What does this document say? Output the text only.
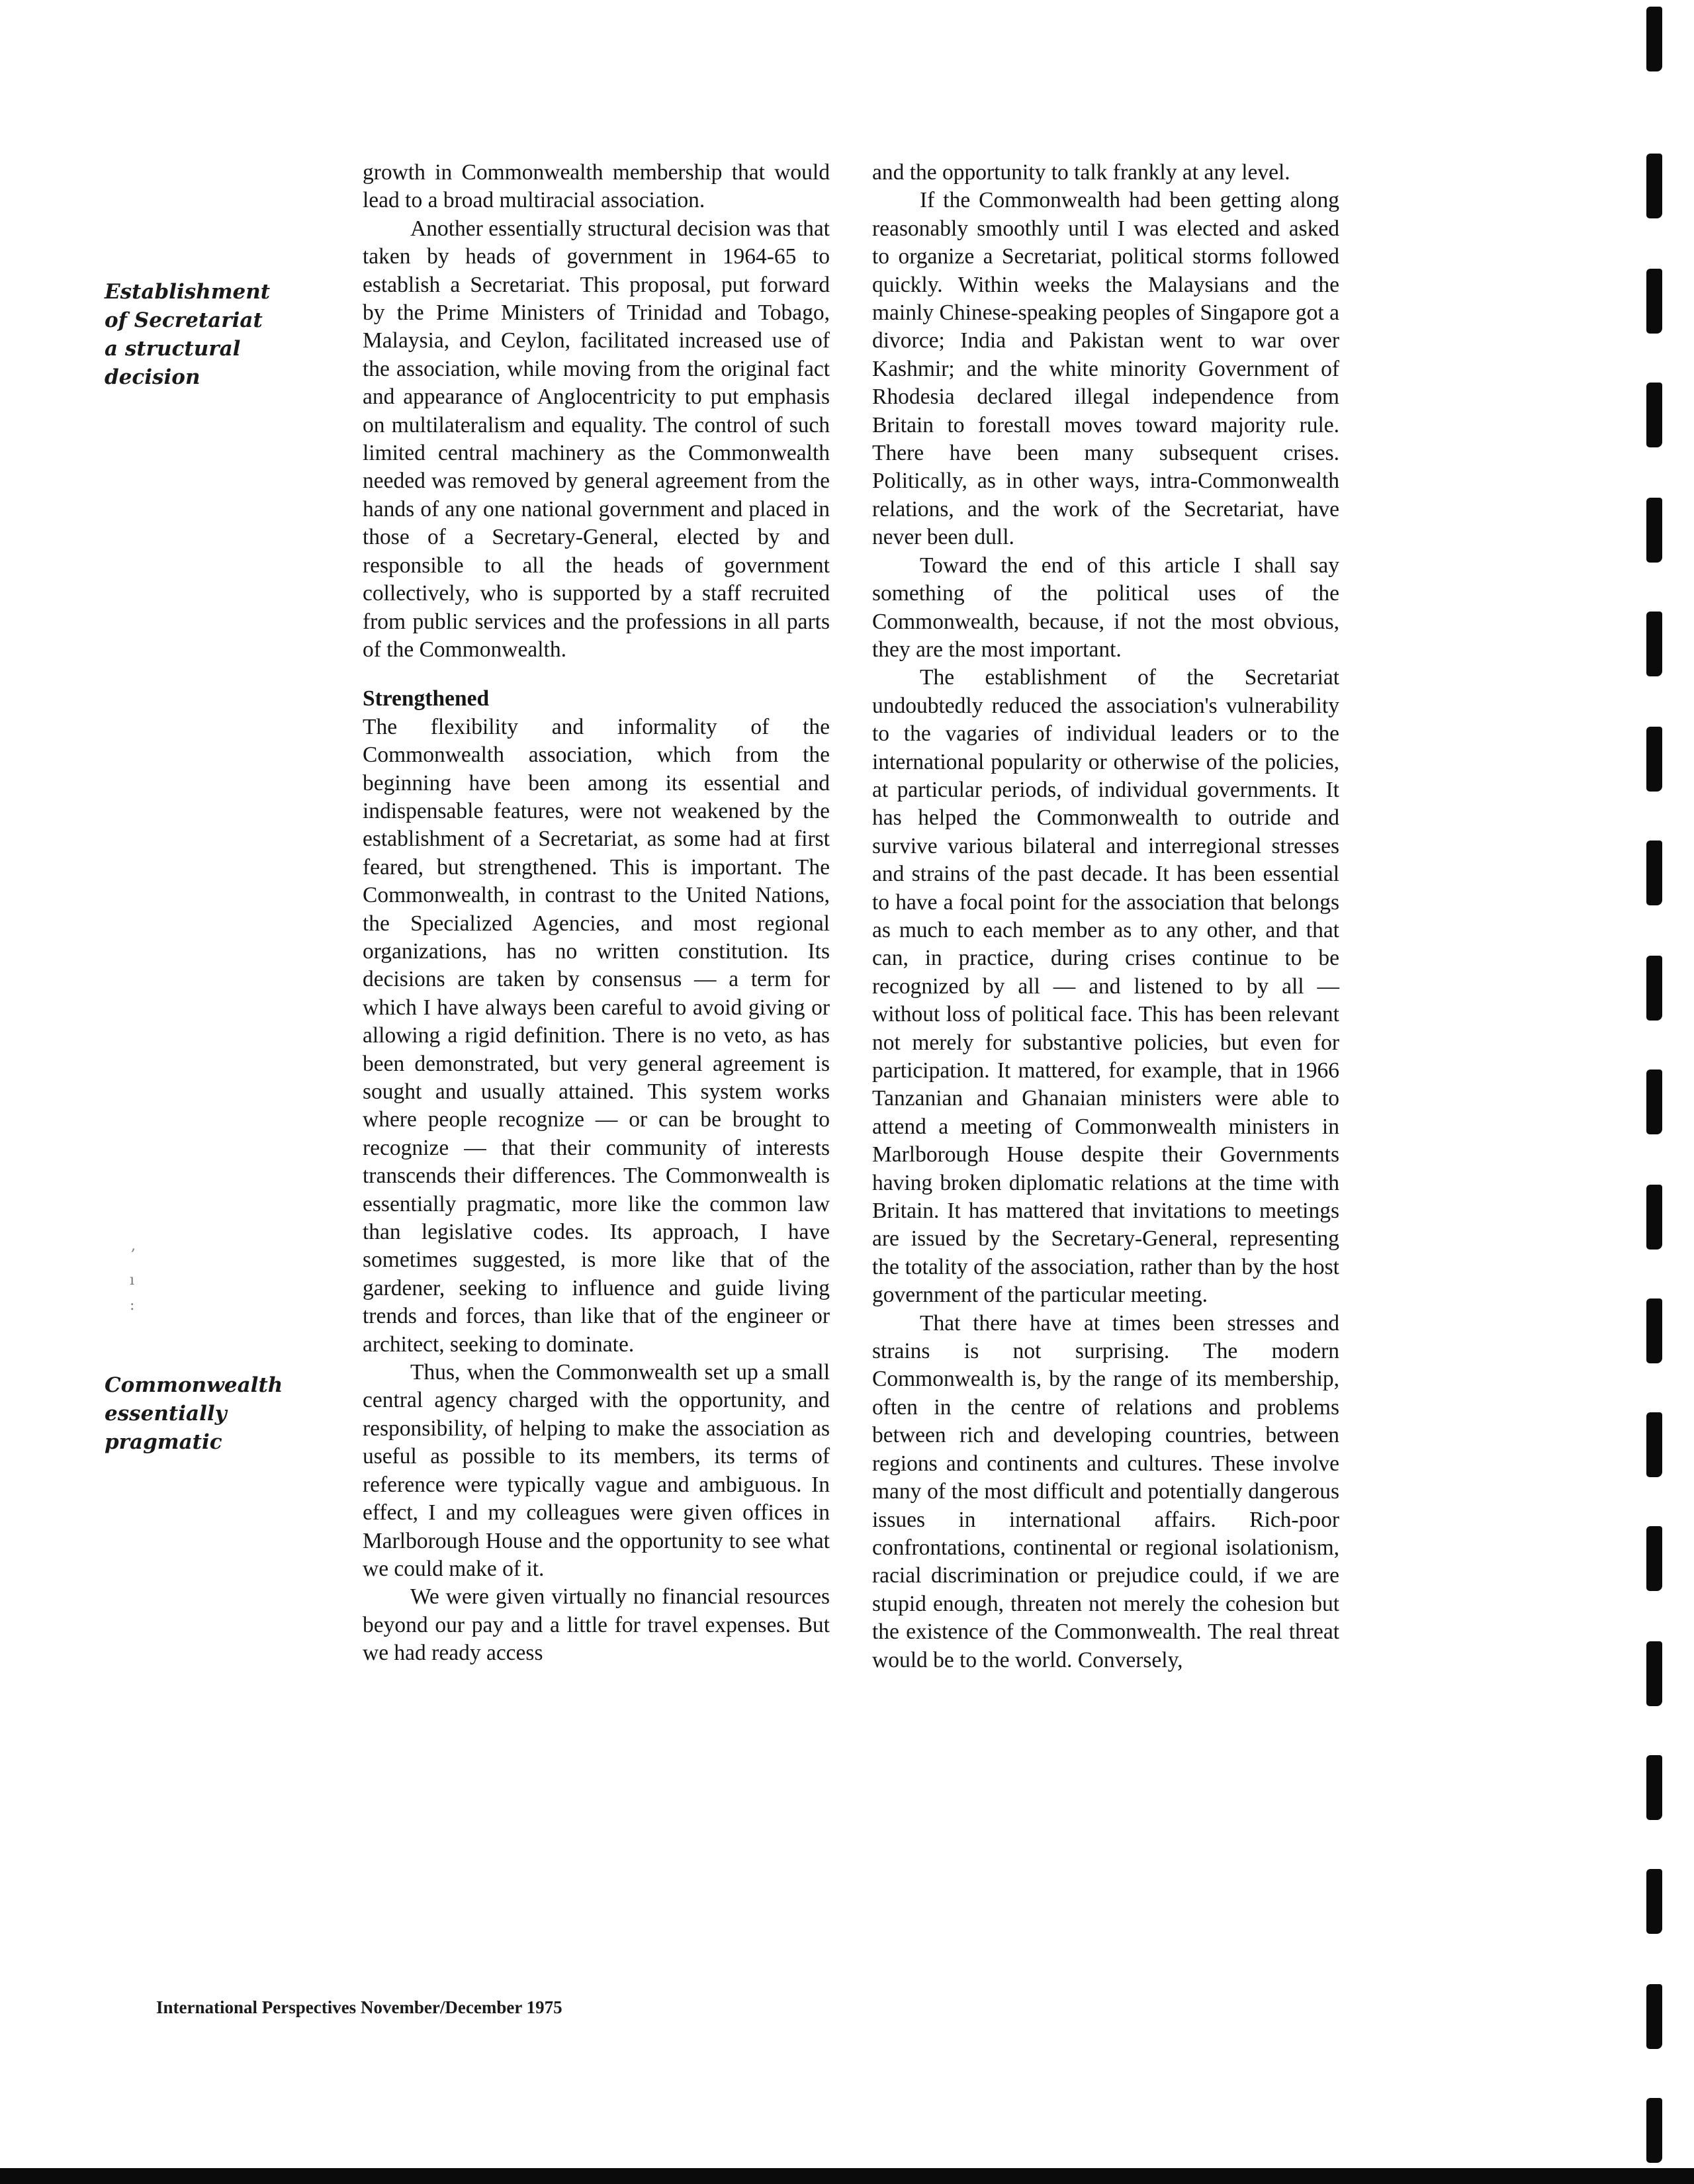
Establishment
of Secretariat
a structural
decision
Commonwealth
essentially
pragmatic

growth in Commonwealth membership that would lead to a broad multiracial association.

Another essentially structural decision was that taken by heads of government in 1964-65 to establish a Secretariat. This proposal, put forward by the Prime Ministers of Trinidad and Tobago, Malaysia, and Ceylon, facilitated increased use of the association, while moving from the original fact and appearance of Anglocentricity to put emphasis on multilateralism and equality. The control of such limited central machinery as the Commonwealth needed was removed by general agreement from the hands of any one national government and placed in those of a Secretary-General, elected by and responsible to all the heads of government collectively, who is supported by a staff recruited from public services and the professions in all parts of the Commonwealth.

Strengthened

The flexibility and informality of the Commonwealth association, which from the beginning have been among its essential and indispensable features, were not weakened by the establishment of a Secretariat, as some had at first feared, but strengthened. This is important. The Commonwealth, in contrast to the United Nations, the Specialized Agencies, and most regional organizations, has no written constitution. Its decisions are taken by consensus — a term for which I have always been careful to avoid giving or allowing a rigid definition. There is no veto, as has been demonstrated, but very general agreement is sought and usually attained. This system works where people recognize — or can be brought to recognize — that their community of interests transcends their differences. The Commonwealth is essentially pragmatic, more like the common law than legislative codes. Its approach, I have sometimes suggested, is more like that of the gardener, seeking to influence and guide living trends and forces, than like that of the engineer or architect, seeking to dominate.

Thus, when the Commonwealth set up a small central agency charged with the opportunity, and responsibility, of helping to make the association as useful as possible to its members, its terms of reference were typically vague and ambiguous. In effect, I and my colleagues were given offices in Marlborough House and the opportunity to see what we could make of it.

We were given virtually no financial resources beyond our pay and a little for travel expenses. But we had ready access

and the opportunity to talk frankly at any level.

If the Commonwealth had been getting along reasonably smoothly until I was elected and asked to organize a Secretariat, political storms followed quickly. Within weeks the Malaysians and the mainly Chinese-speaking peoples of Singapore got a divorce; India and Pakistan went to war over Kashmir; and the white minority Government of Rhodesia declared illegal independence from Britain to forestall moves toward majority rule. There have been many subsequent crises. Politically, as in other ways, intra-Commonwealth relations, and the work of the Secretariat, have never been dull.

Toward the end of this article I shall say something of the political uses of the Commonwealth, because, if not the most obvious, they are the most important.

The establishment of the Secretariat undoubtedly reduced the association's vulnerability to the vagaries of individual leaders or to the international popularity or otherwise of the policies, at particular periods, of individual governments. It has helped the Commonwealth to outride and survive various bilateral and interregional stresses and strains of the past decade. It has been essential to have a focal point for the association that belongs as much to each member as to any other, and that can, in practice, during crises continue to be recognized by all — and listened to by all — without loss of political face. This has been relevant not merely for substantive policies, but even for participation. It mattered, for example, that in 1966 Tanzanian and Ghanaian ministers were able to attend a meeting of Commonwealth ministers in Marlborough House despite their Governments having broken diplomatic relations at the time with Britain. It has mattered that invitations to meetings are issued by the Secretary-General, representing the totality of the association, rather than by the host government of the particular meeting.

That there have at times been stresses and strains is not surprising. The modern Commonwealth is, by the range of its membership, often in the centre of relations and problems between rich and developing countries, between regions and continents and cultures. These involve many of the most difficult and potentially dangerous issues in international affairs. Rich-poor confrontations, continental or regional isolationism, racial discrimination or prejudice could, if we are stupid enough, threaten not merely the cohesion but the existence of the Commonwealth. The real threat would be to the world. Conversely,

International Perspectives November/December 1975
,
ı
:
